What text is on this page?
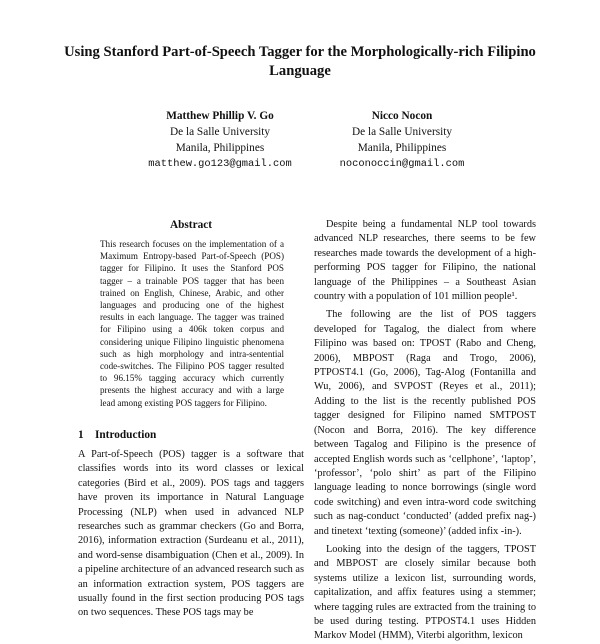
Using Stanford Part-of-Speech Tagger for the Morphologically-rich Filipino Language
Matthew Phillip V. Go
De la Salle University
Manila, Philippines
matthew.go123@gmail.com
Nicco Nocon
De la Salle University
Manila, Philippines
noconoccin@gmail.com
Abstract

This research focuses on the implementation of a Maximum Entropy-based Part-of-Speech (POS) tagger for Filipino. It uses the Stanford POS tagger – a trainable POS tagger that has been trained on English, Chinese, Arabic, and other languages and producing one of the highest results in each language. The tagger was trained for Filipino using a 406k token corpus and considering unique Filipino linguistic phenomena such as high morphology and intra-sentential code-switches. The Filipino POS tagger resulted to 96.15% tagging accuracy which currently presents the highest accuracy and with a large lead among existing POS taggers for Filipino.

1 Introduction

A Part-of-Speech (POS) tagger is a software that classifies words into its word classes or lexical categories (Bird et al., 2009). POS tags and taggers have proven its importance in Natural Language Processing (NLP) when used in advanced NLP researches such as grammar checkers (Go and Borra, 2016), information extraction (Surdeanu et al., 2011), and word-sense disambiguation (Chen et al., 2009). In a pipeline architecture of an advanced research such as an information extraction system, POS taggers are usually found in the first section producing POS tags on two sequences. These POS tags may be

Despite being a fundamental NLP tool towards advanced NLP researches, there seems to be few researches made towards the development of a high-performing POS tagger for Filipino, the national language of the Philippines – a Southeast Asian country with a population of 101 million people¹.

The following are the list of POS taggers developed for Tagalog, the dialect from where Filipino was based on: TPOST (Rabo and Cheng, 2006), MBPOST (Raga and Trogo, 2006), PTPOST4.1 (Go, 2006), Tag-Alog (Fontanilla and Wu, 2006), and SVPOST (Reyes et al., 2011); Adding to the list is the recently published POS tagger designed for Filipino named SMTPOST (Nocon and Borra, 2016). The key difference between Tagalog and Filipino is the presence of accepted English words such as ‘cellphone’, ‘laptop’, ‘professor’, ‘polo shirt’ as part of the Filipino language leading to nonce borrowings (single word code switching) and even intra-word code switching such as nag-conduct ‘conducted’ (added prefix nag-) and tinetext ‘texting (someone)’ (added infix -in-).

Looking into the design of the taggers, TPOST and MBPOST are closely similar because both systems utilize a lexicon list, surrounding words, capitalization, and affix features using a stemmer; where tagging rules are extracted from the training to be used during testing. PTPOST4.1 uses Hidden Markov Model (HMM), Viterbi algorithm, lexicon
